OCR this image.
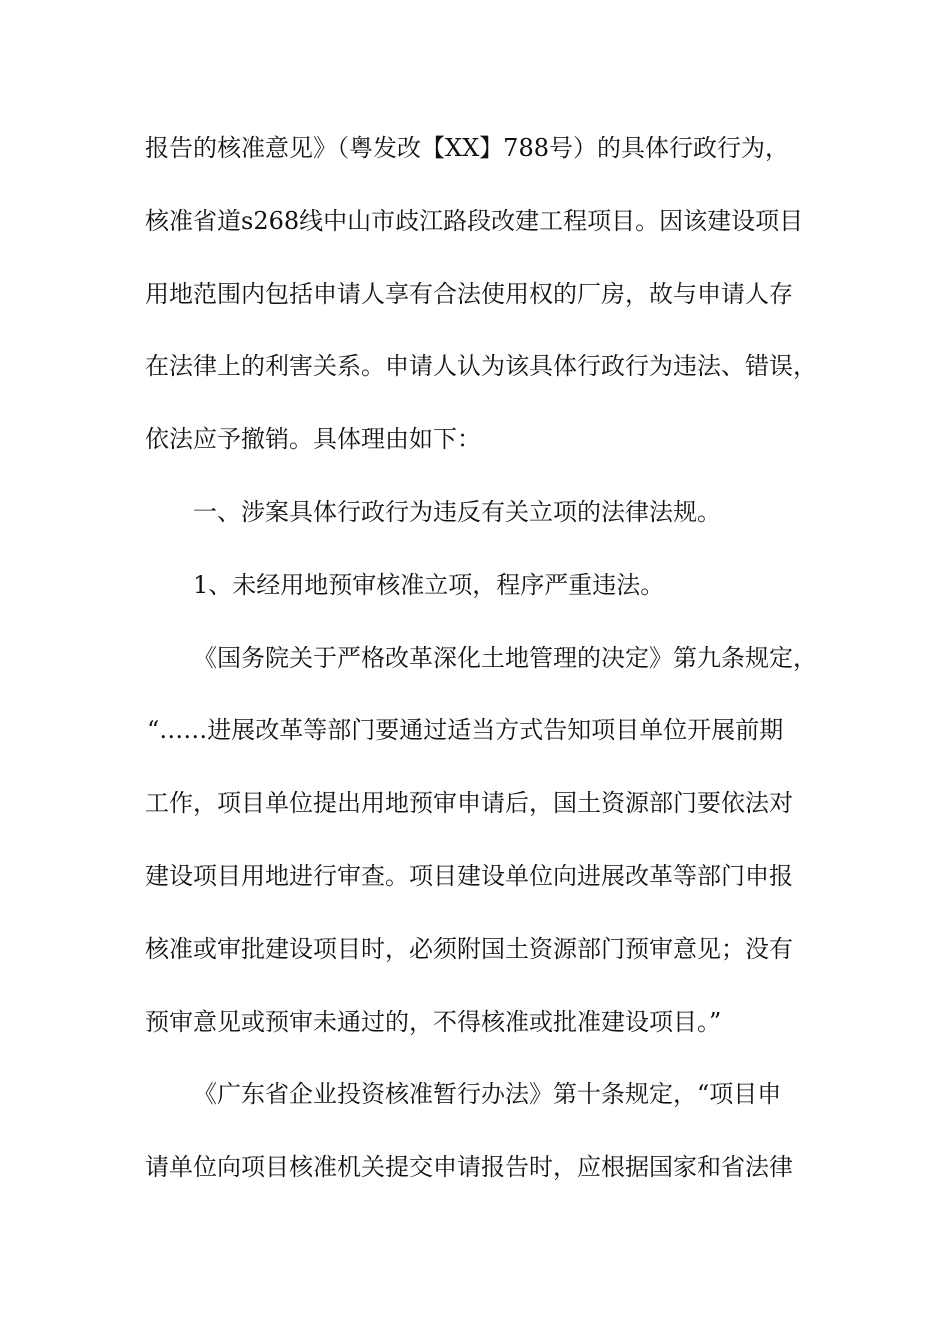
报告的核准意见》（粤发改【XX】788号）的具体行政行为，
核准省道s268线中山市歧江路段改建工程项目。因该建设项目
用地范围内包括申请人享有合法使用权的厂房，故与申请人存
在法律上的利害关系。申请人认为该具体行政行为违法、错误，
依法应予撤销。具体理由如下：
一、涉案具体行政行为违反有关立项的法律法规。
1、未经用地预审核准立项，程序严重违法。
《国务院关于严格改革深化土地管理的决定》第九条规定，
“……进展改革等部门要通过适当方式告知项目单位开展前期
工作，项目单位提出用地预审申请后，国土资源部门要依法对
建设项目用地进行审查。项目建设单位向进展改革等部门申报
核准或审批建设项目时，必须附国土资源部门预审意见；没有
预审意见或预审未通过的，不得核准或批准建设项目。”
《广东省企业投资核准暂行办法》第十条规定，“项目申
请单位向项目核准机关提交申请报告时，应根据国家和省法律
